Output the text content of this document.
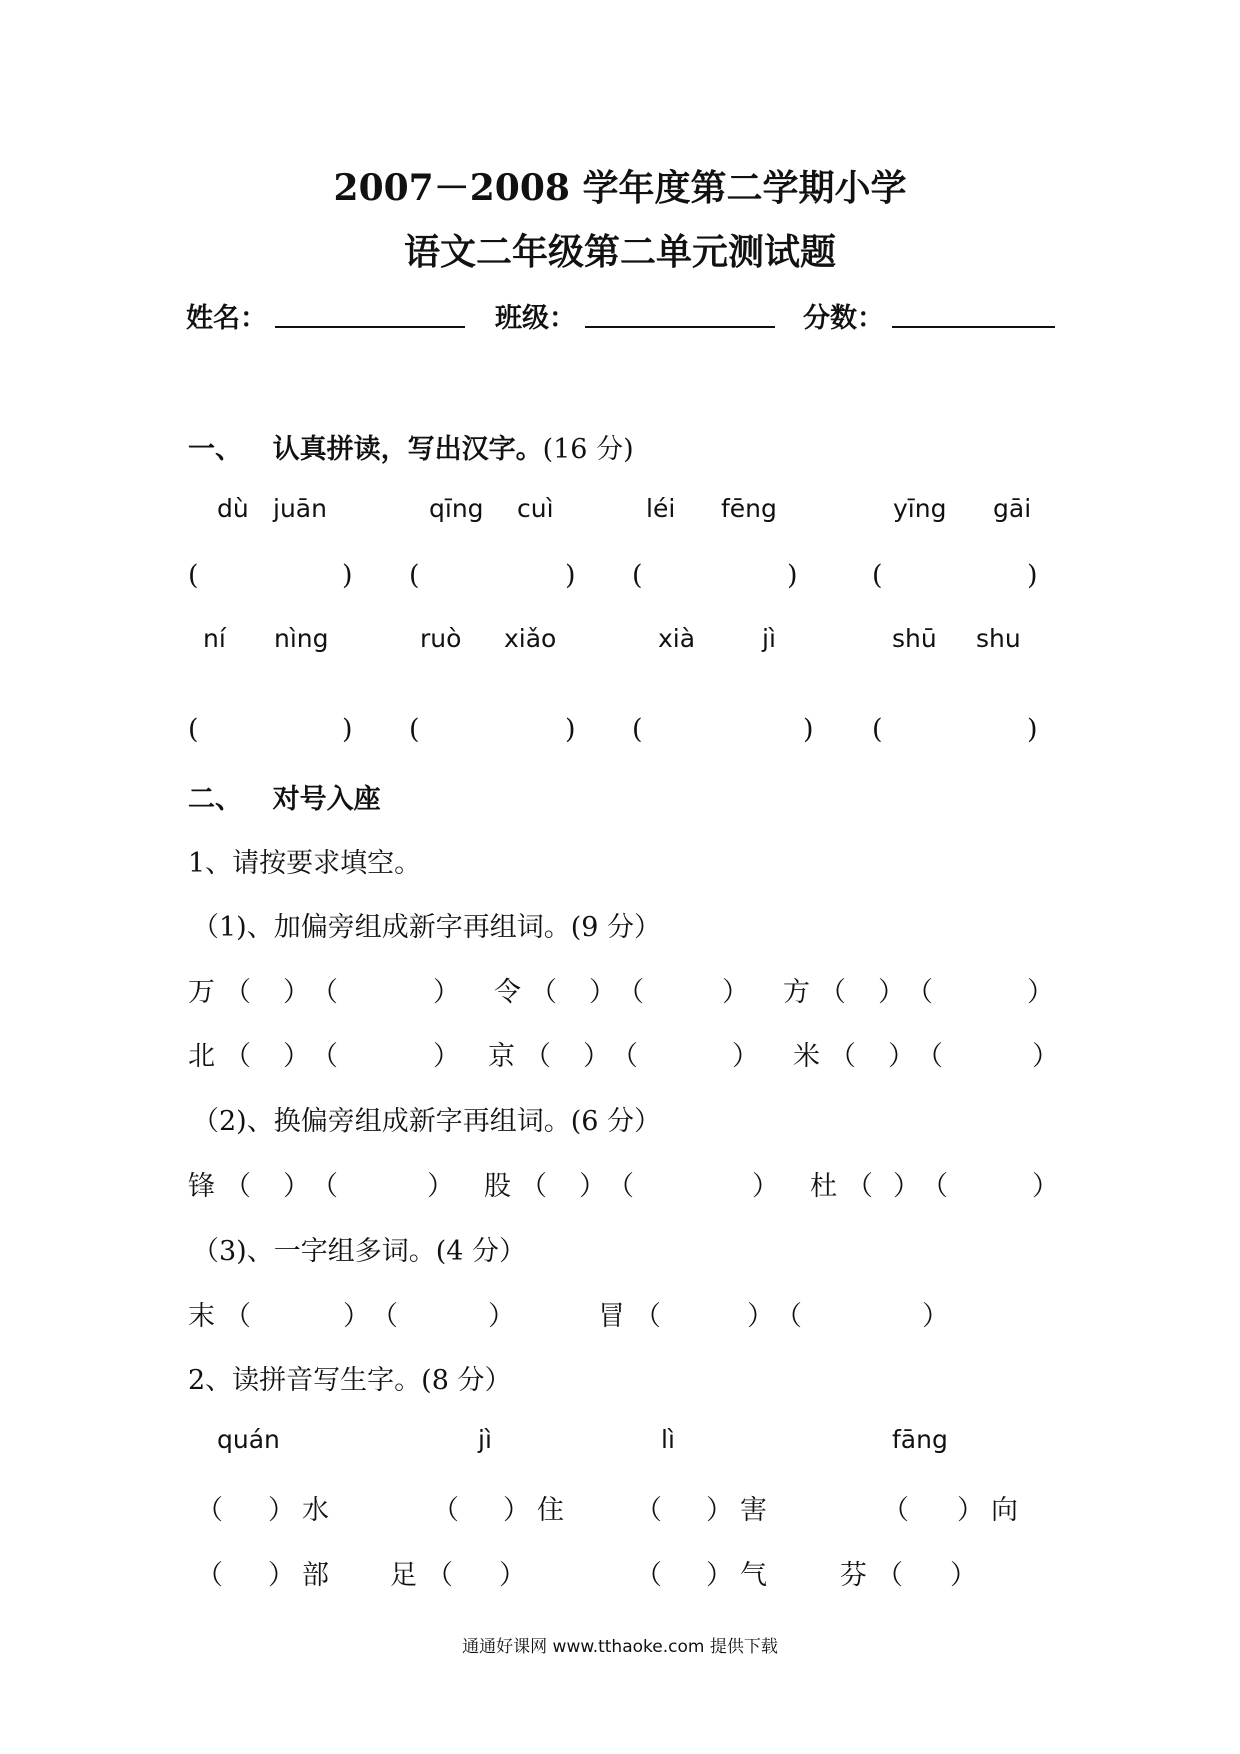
2007－2008 学年度第二学期小学
语文二年级第二单元测试题
姓名：	班级：	分数：
一、 认真拼读，写出汉字。(16 分)
dù juān	qīng cuì	léi fēng	yīng gāi
(	) (	) (	)	(	)
ní nìng	ruò xiǎo	xià	jì	shū shu
(	) (	) (	) (	)
二、 对号入座
1、请按要求填空。
（1)、加偏旁组成新字再组词。(9 分）
万 （ ） （	） 令 （ ） （	） 方 （ ） （	）
北 （ ） （	） 京 （ ） （	） 米 （ ） （	）
（2)、换偏旁组成新字再组词。(6 分）
锋 （ ） （	） 股 （ ） （	） 杜 （ ） （	）
（3)、一字组多词。(4 分）
末 （	） （	）	冒 （	） （	）
2、读拼音写生字。(8 分）
quán	jì	lì	fāng
（ ） 水	（ ） 住	（ ） 害	（ ） 向
（ ） 部 足 （ ）	（ ） 气	芬 （ ）
通通好课网 www.tthaoke.com 提供下载
